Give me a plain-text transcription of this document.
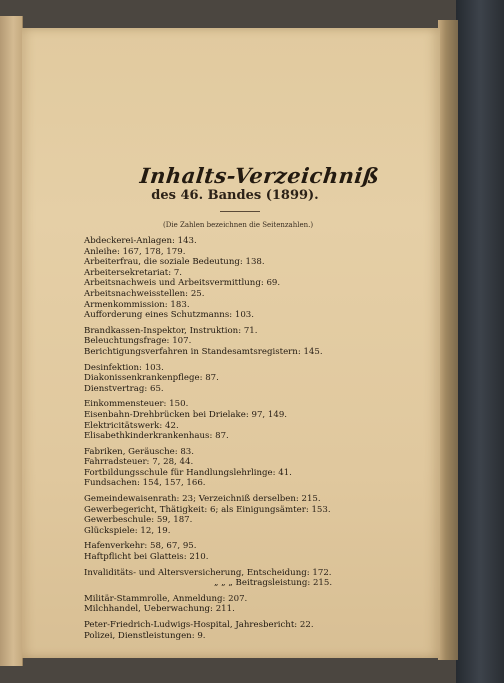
Inhalts-Verzeichniß
des 46. Bandes (1899).
(Die Zahlen bezeichnen die Seitenzahlen.)
Abdeckerei-Anlagen: 143.
Anleihe: 167, 178, 179.
Arbeiterfrau, die soziale Bedeutung: 138.
Arbeitersekretariat: 7.
Arbeitsnachweis und Arbeitsvermittlung: 69.
Arbeitsnachweisstellen: 25.
Armenkommission: 183.
Aufforderung eines Schutzmanns: 103.
Brandkassen-Inspektor, Instruktion: 71.
Beleuchtungsfrage: 107.
Berichtigungsverfahren in Standesamtsregistern: 145.
Desinfektion: 103.
Diakonissenkrankenpflege: 87.
Dienstvertrag: 65.
Einkommensteuer: 150.
Eisenbahn-Drehbrücken bei Drielake: 97, 149.
Elektricitätswerk: 42.
Elisabethkinderkrankenhaus: 87.
Fabriken, Geräusche: 83.
Fahrradsteuer: 7, 28, 44.
Fortbildungsschule für Handlungslehrlinge: 41.
Fundsachen: 154, 157, 166.
Gemeindewaisenrath: 23; Verzeichniß derselben: 215.
Gewerbegericht, Thätigkeit: 6; als Einigungsämter: 153.
Gewerbeschule: 59, 187.
Glückspiele: 12, 19.
Hafenverkehr: 58, 67, 95.
Haftpflicht bei Glatteis: 210.
Invaliditäts- und Altersversicherung, Entscheidung: 172.
„ „ „ Beitragsleistung: 215.
Militär-Stammrolle, Anmeldung: 207.
Milchhandel, Ueberwachung: 211.
Peter-Friedrich-Ludwigs-Hospital, Jahresbericht: 22.
Polizei, Dienstleistungen: 9.
